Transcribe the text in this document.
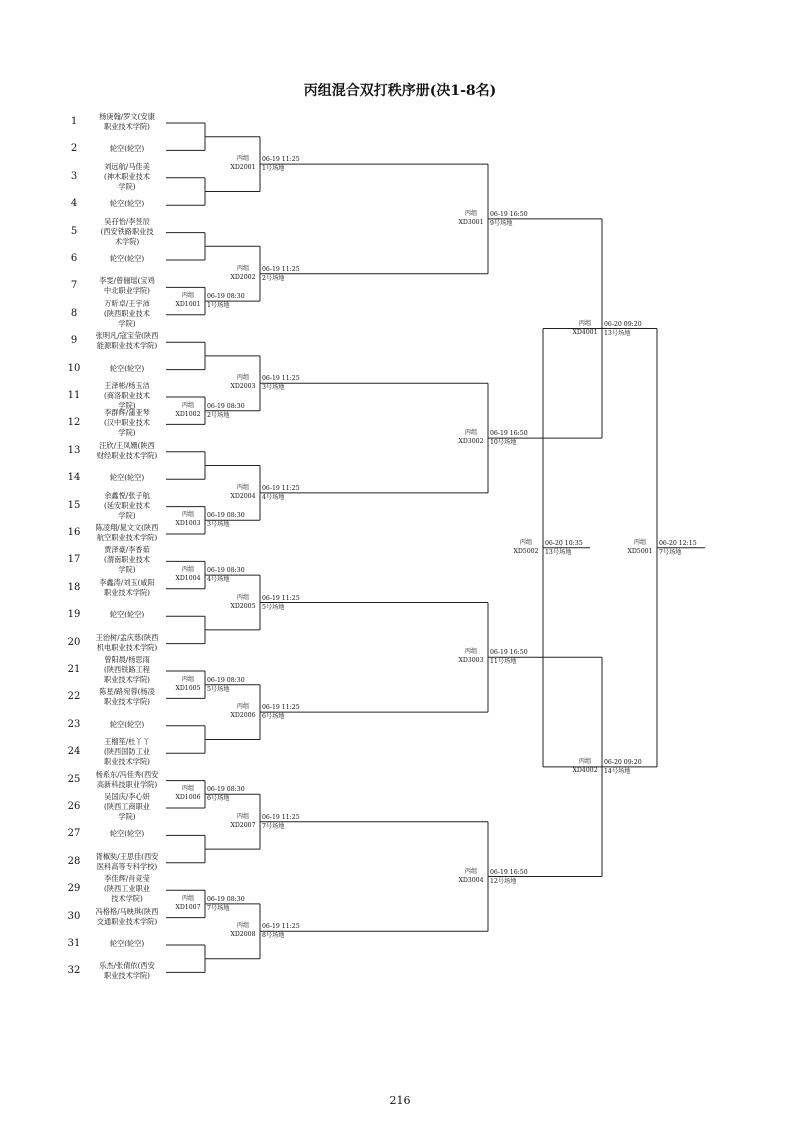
丙组混合双打秩序册(决1-8名)
1	杨庚翰/罗文(安康
职业技术学院)
2	轮空(轮空)
3
刘远航/马佳美
(神木职业技术
学院)
4	轮空(轮空)
5
吴孖怡/李昱辰
(西安铁路职业技
术学院)
6	轮空(轮空)
7	李雯/曾俪瑶(宝鸡
中北职业学院)
8
万昕卓/王宇沛
(陕西职业技术
学院)
9	张明凡/寇宝莹(陕西
能源职业技术学院)
10	轮空(轮空)
11
王泽彬/杨玉洁
(商洛职业技术
学院)
12
李群辉/蒲亚琴
(汉中职业技术
学院)
13	汪欣/王凤姗(陕西
财经职业技术学院)
14	轮空(轮空)
15
余鑫悦/张子航
(延安职业技术
学院)
16	陈凌翔/晁文文(陕西
航空职业技术学院)
17
贾泽豪/李香茹
(渭南职业技术
学院)
18	李鑫涛/刘玉(咸阳
职业技术学院)
19	轮空(轮空)
20	王治树/孟庆慈(陕西
机电职业技术学院)
21
曾阳晨/杨思雨
(陕西铁路工程
职业技术学院)
22	陈星/路宛蓉(杨凌
职业技术学院)
23	轮空(轮空)
24
王榴笙/杜丫丫
(陕西国防工业
职业技术学院)
25	杨系东/冯佳秀(西安
高新科技职业学院)
26
吴国庆/李心妍
(陕西工商职业
学院)
27	轮空(轮空)
28	胥椒奘/王思佳(西安
医科高等专科学校)
29
李佳辉/肖竞莹
(陕西工业职业
技术学院)
30	冯格格/马映琪(陕西
交通职业技术学院)
31	轮空(轮空)
32	乐杰/张倩依(西安
职业技术学院)
丙组
XD1001
06-19 08:30
1号场地
丙组
XD1002
06-19 08:30
2号场地
丙组
XD1003
06-19 08:30
3号场地
丙组
XD1004
06-19 08:30
4号场地
丙组
XD1005
06-19 08:30
5号场地
丙组
XD1006
06-19 08:30
6号场地
丙组
XD1007
06-19 08:30
7号场地
丙组
XD2001
06-19 11:25
1号场地
丙组
XD2002
06-19 11:25
2号场地
丙组
XD2003
06-19 11:25
3号场地
丙组
XD2004
06-19 11:25
4号场地
丙组
XD2005
06-19 11:25
5号场地
丙组
XD2006
06-19 11:25
6号场地
丙组
XD2007
06-19 11:25
7号场地
丙组
XD2008
06-19 11:25
8号场地
丙组
XD3001
06-19 16:50
9号场地
丙组
XD3002
06-19 16:50
10号场地
丙组
XD3003
06-19 16:50
11号场地
丙组
XD3004
06-19 16:50
12号场地
丙组
XD4001
06-20 09:20
13号场地
丙组
XD4002
06-20 09:20
14号场地
丙组
XD5001
06-20 12:15
7号场地
丙组
XD5002
06-20 10:35
13号场地
216
